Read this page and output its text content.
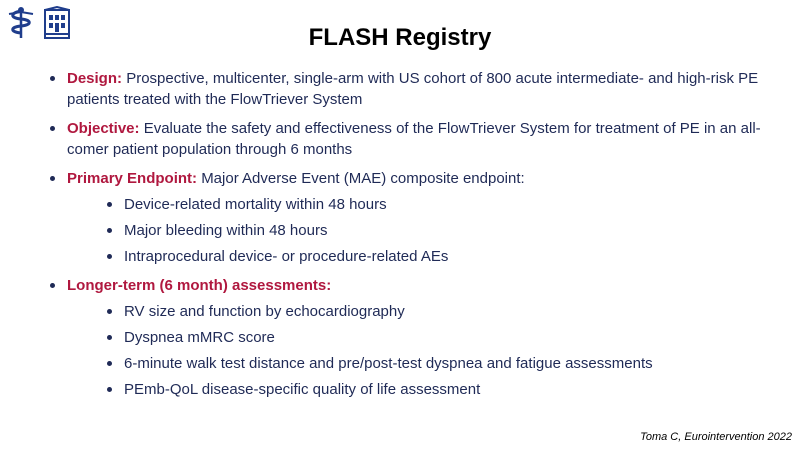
FLASH Registry
Design: Prospective, multicenter, single-arm with US cohort of 800 acute intermediate- and high-risk PE patients treated with the FlowTriever System
Objective: Evaluate the safety and effectiveness of the FlowTriever System for treatment of PE in an all-comer patient population through 6 months
Primary Endpoint: Major Adverse Event (MAE) composite endpoint:
Device-related mortality within 48 hours
Major bleeding within 48 hours
Intraprocedural device- or procedure-related AEs
Longer-term (6 month) assessments:
RV size and function by echocardiography
Dyspnea mMRC score
6-minute walk test distance and pre/post-test dyspnea and fatigue assessments
PEmb-QoL disease-specific quality of life assessment
Toma C, Eurointervention 2022
